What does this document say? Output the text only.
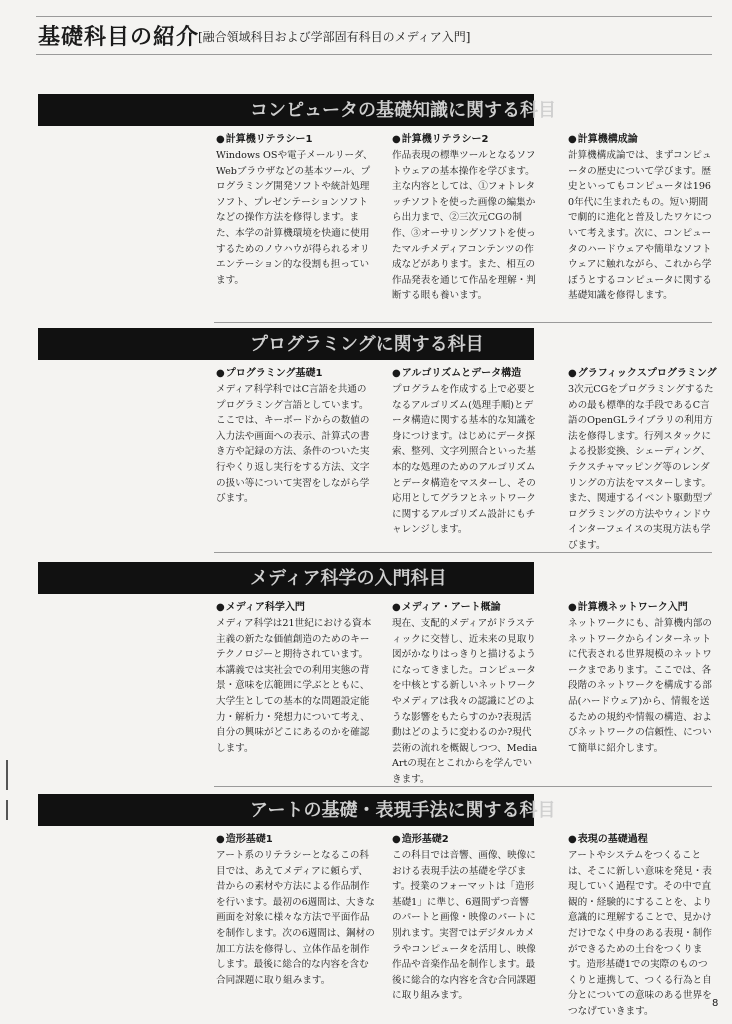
基礎科目の紹介
[融合領域科目および学部固有科目のメディア入門]
コンピュータの基礎知識に関する科目

● 計算機リテラシー1

Windows OSや電子メールリーダ、Webブラウザなどの基本ツール、プログラミング開発ソフトや統計処理ソフト、プレゼンテーションソフトなどの操作方法を修得します。また、本学の計算機環境を快適に使用するためのノウハウが得られるオリエンテーション的な役割も担っています。

● 計算機リテラシー2

作品表現の標準ツールとなるソフトウェアの基本操作を学びます。主な内容としては、①フォトレタッチソフトを使った画像の編集から出力まで、②三次元CGの制作、③オーサリングソフトを使ったマルチメディアコンテンツの作成などがあります。また、相互の作品発表を通じて作品を理解・判断する眼も養います。

● 計算機構成論

計算機構成論では、まずコンピュータの歴史について学びます。歴史といってもコンピュータは1960年代に生まれたもの。短い期間で劇的に進化と普及したワケについて考えます。次に、コンピュータのハードウェアや簡単なソフトウェアに触れながら、これから学ぼうとするコンピュータに関する基礎知識を修得します。

プログラミングに関する科目

● プログラミング基礎1

メディア科学科ではC言語を共通のプログラミング言語としています。ここでは、キーボードからの数値の入力法や画面への表示、計算式の書き方や記録の方法、条件のついた実行やくり返し実行をする方法、文字の扱い等について実習をしながら学びます。

● アルゴリズムとデータ構造

プログラムを作成する上で必要となるアルゴリズム(処理手順)とデータ構造に関する基本的な知識を身につけます。はじめにデータ探索、整列、文字列照合といった基本的な処理のためのアルゴリズムとデータ構造をマスターし、その応用としてグラフとネットワークに関するアルゴリズム設計にもチャレンジします。

● グラフィックスプログラミング

3次元CGをプログラミングするための最も標準的な手段であるC言語のOpenGLライブラリの利用方法を修得します。行列スタックによる投影変換、シェーディング、テクスチャマッピング等のレンダリングの方法をマスターします。また、関連するイベント駆動型プログラミングの方法やウィンドウインターフェイスの実現方法も学びます。

メディア科学の入門科目

● メディア科学入門

メディア科学は21世紀における資本主義の新たな価値創造のためのキーテクノロジーと期待されています。本講義では実社会での利用実態の背景・意味を広範囲に学ぶとともに、大学生としての基本的な問題設定能力・解析力・発想力について考え、自分の興味がどこにあるのかを確認します。

● メディア・アート概論

現在、支配的メディアがドラスティックに交替し、近未来の見取り図がかなりはっきりと描けるようになってきました。コンピュータを中核とする新しいネットワークやメディアは我々の認識にどのような影響をもたらすのか?表現活動はどのように変わるのか?現代芸術の流れを概観しつつ、Media Artの現在とこれからを学んでいきます。

● 計算機ネットワーク入門

ネットワークにも、計算機内部のネットワークからインターネットに代表される世界規模のネットワークまであります。ここでは、各段階のネットワークを構成する部品(ハードウェア)から、情報を送るための規約や情報の構造、およびネットワークの信頼性、について簡単に紹介します。

アートの基礎・表現手法に関する科目

● 造形基礎1

アート系のリテラシーとなるこの科目では、あえてメディアに頼らず、昔からの素材や方法による作品制作を行います。最初の6週間は、大きな画面を対象に様々な方法で平面作品を制作します。次の6週間は、鋼材の加工方法を修得し、立体作品を制作します。最後に総合的な内容を含む合同課題に取り組みます。

● 造形基礎2

この科目では音響、画像、映像における表現手法の基礎を学びます。授業のフォーマットは「造形基礎1」に準じ、6週間ずつ音響のパートと画像・映像のパートに別れます。実習ではデジタルカメラやコンピュータを活用し、映像作品や音楽作品を制作します。最後に総合的な内容を含む合同課題に取り組みます。

● 表現の基礎過程

アートやシステムをつくることは、そこに新しい意味を発見・表現していく過程です。その中で直観的・経験的にすることを、より意識的に理解することで、見かけだけでなく中身のある表現・制作ができるための土台をつくります。造形基礎1での実際のものつくりと連携して、つくる行為と自分とについての意味のある世界をつなげていきます。

8
